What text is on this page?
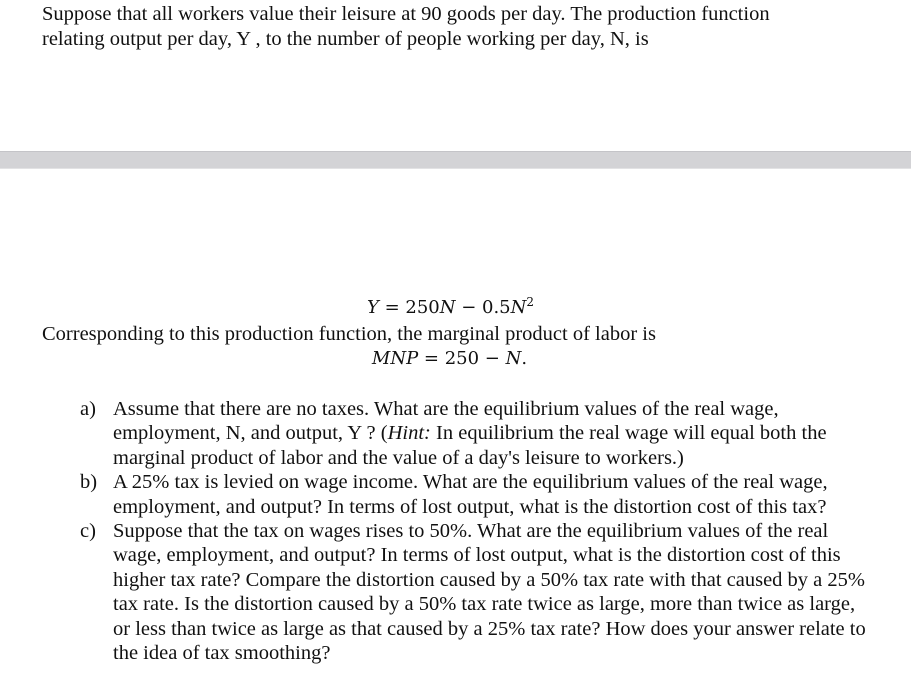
Suppose that all workers value their leisure at 90 goods per day. The production function
relating output per day, Y , to the number of people working per day, N, is

$Y = 250N - 0.5N^2$

Corresponding to this production function, the marginal product of labor is

MNP = 250 − N.

a) Assume that there are no taxes. What are the equilibrium values of the real wage, employment, N, and output, Y ? (Hint: In equilibrium the real wage will equal both the marginal product of labor and the value of a day's leisure to workers.)
b) A 25% tax is levied on wage income. What are the equilibrium values of the real wage, employment, and output? In terms of lost output, what is the distortion cost of this tax?
c) Suppose that the tax on wages rises to 50%. What are the equilibrium values of the real wage, employment, and output? In terms of lost output, what is the distortion cost of this higher tax rate? Compare the distortion caused by a 50% tax rate with that caused by a 25% tax rate. Is the distortion caused by a 50% tax rate twice as large, more than twice as large, or less than twice as large as that caused by a 25% tax rate? How does your answer relate to the idea of tax smoothing?
